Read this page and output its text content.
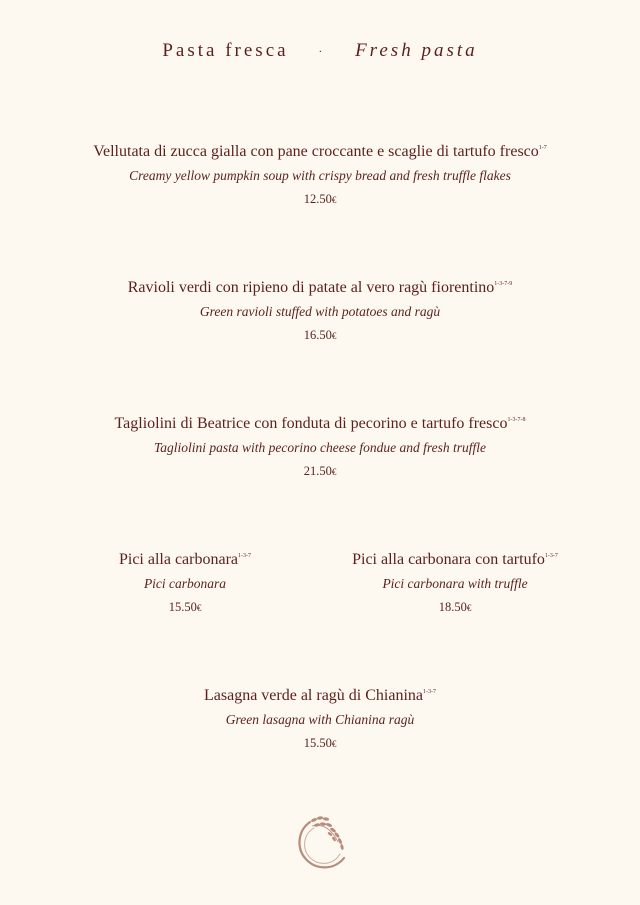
Pasta fresca · Fresh pasta
Vellutata di zucca gialla con pane croccante e scaglie di tartufo fresco$^{1-7}$
Creamy yellow pumpkin soup with crispy bread and fresh truffle flakes
12.50€
Ravioli verdi con ripieno di patate al vero ragù fiorentino$^{1-3-7-9}$
Green ravioli stuffed with potatoes and ragù
16.50€
Tagliolini di Beatrice con fonduta di pecorino e tartufo fresco$^{1-3-7-8}$
Tagliolini pasta with pecorino cheese fondue and fresh truffle
21.50€
Pici alla carbonara$^{1-3-7}$
Pici carbonara
15.50€
Pici alla carbonara con tartufo$^{1-3-7}$
Pici carbonara with truffle
18.50€
Lasagna verde al ragù di Chianina$^{1-3-7}$
Green lasagna with Chianina ragù
15.50€
